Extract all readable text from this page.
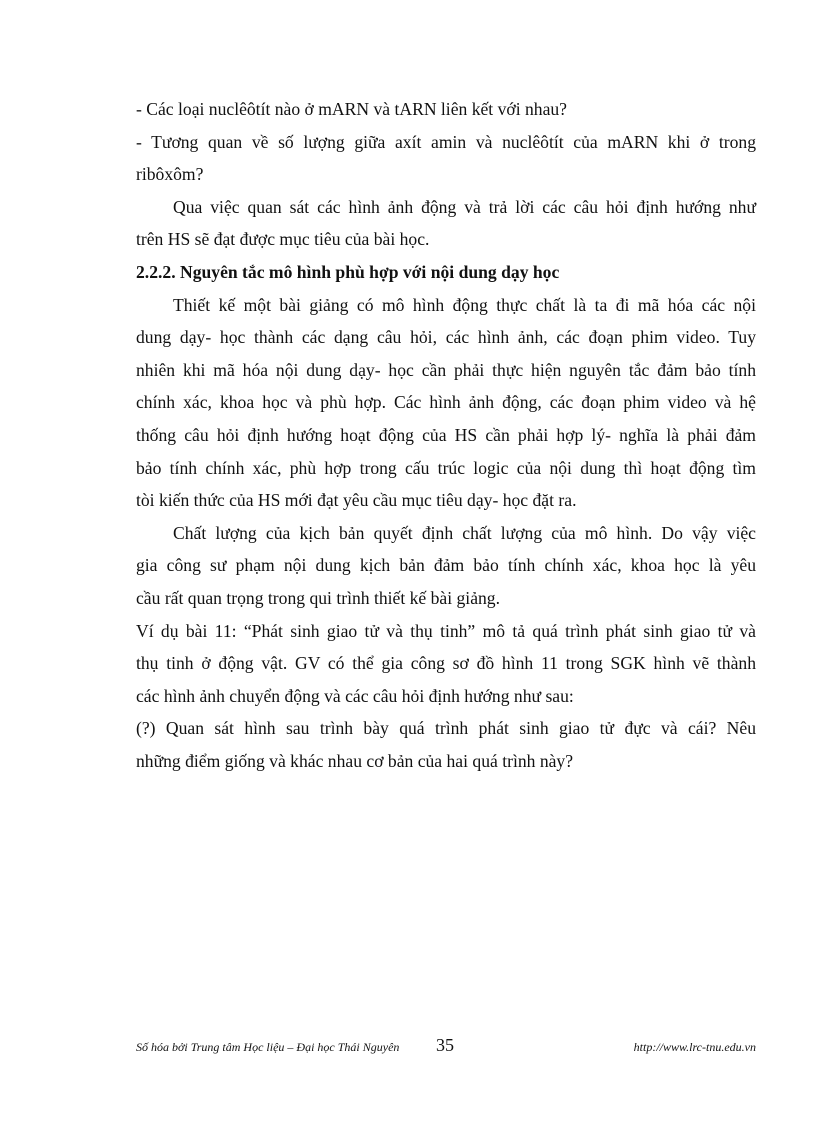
- Các loại nuclêôtít nào ở mARN và tARN liên kết với nhau?

- Tương quan về số lượng giữa axít amin và nuclêôtít của mARN khi ở trong

ribôxôm?

Qua việc quan sát các hình ảnh động và trả lời các câu hỏi định hướng như

trên HS sẽ đạt được mục tiêu của bài học.

2.2.2. Nguyên tắc mô hình phù hợp với nội dung dạy học

Thiết kế một bài giảng có mô hình động thực chất là ta đi mã hóa các nội

dung dạy- học thành các dạng câu hỏi, các hình ảnh, các đoạn phim video. Tuy

nhiên khi mã hóa nội dung dạy- học cần phải thực hiện nguyên tắc đảm bảo tính

chính xác, khoa học và phù hợp. Các hình ảnh động, các đoạn phim video và hệ

thống câu hỏi định hướng hoạt động của HS cần phải hợp lý- nghĩa là phải đảm

bảo tính chính xác, phù hợp trong cấu trúc logic của nội dung thì hoạt động tìm

tòi kiến thức của HS mới đạt yêu cầu mục tiêu dạy- học đặt ra.

Chất lượng của kịch bản quyết định chất lượng của mô hình. Do vậy việc

gia công sư phạm nội dung kịch bản đảm bảo tính chính xác, khoa học là yêu

cầu rất quan trọng trong qui trình thiết kế bài giảng.

Ví dụ bài 11: “Phát sinh giao tử và thụ tinh” mô tả quá trình phát sinh giao tử và

thụ tinh ở động vật. GV có thể gia công sơ đồ hình 11 trong SGK hình vẽ thành

các hình ảnh chuyển động và các câu hỏi định hướng như sau:

(?) Quan sát hình sau trình bày quá trình phát sinh giao tử đực và cái? Nêu

những điểm giống và khác nhau cơ bản của hai quá trình này?

Số hóa bởi Trung tâm Học liệu – Đại học Thái Nguyên 35	http://www.lrc-tnu.edu.vn
